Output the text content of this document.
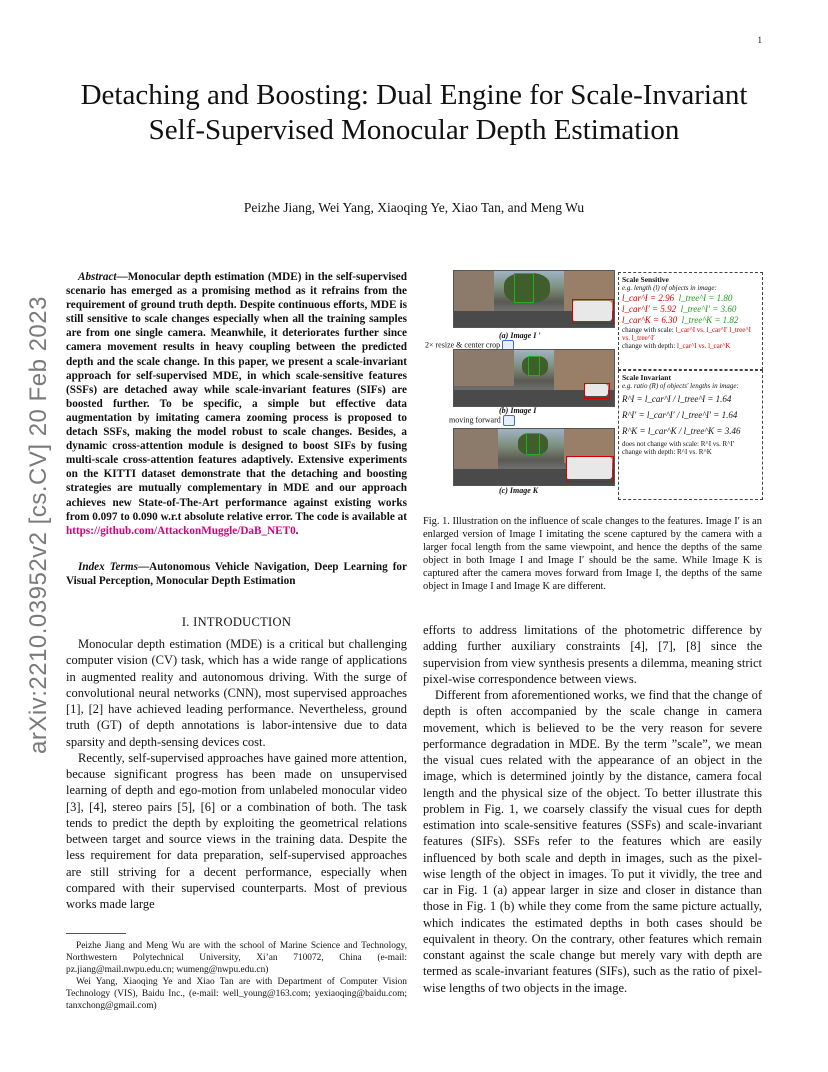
1
Detaching and Boosting: Dual Engine for Scale-Invariant Self-Supervised Monocular Depth Estimation
Peizhe Jiang, Wei Yang, Xiaoqing Ye, Xiao Tan, and Meng Wu
arXiv:2210.03952v2 [cs.CV] 20 Feb 2023
Abstract—Monocular depth estimation (MDE) in the self-supervised scenario has emerged as a promising method as it refrains from the requirement of ground truth depth. Despite continuous efforts, MDE is still sensitive to scale changes especially when all the training samples are from one single camera. Meanwhile, it deteriorates further since camera movement results in heavy coupling between the predicted depth and the scale change. In this paper, we present a scale-invariant approach for self-supervised MDE, in which scale-sensitive features (SSFs) are detached away while scale-invariant features (SIFs) are boosted further. To be specific, a simple but effective data augmentation by imitating camera zooming process is proposed to detach SSFs, making the model robust to scale changes. Besides, a dynamic cross-attention module is designed to boost SIFs by fusing multi-scale cross-attention features adaptively. Extensive experiments on the KITTI dataset demonstrate that the detaching and boosting strategies are mutually complementary in MDE and our approach achieves new State-of-The-Art performance against existing works from 0.097 to 0.090 w.r.t absolute relative error. The code is available at https://github.com/AttackonMuggle/DaB_NET0.
Index Terms—Autonomous Vehicle Navigation, Deep Learning for Visual Perception, Monocular Depth Estimation
I. INTRODUCTION

Monocular depth estimation (MDE) is a critical but challenging computer vision (CV) task, which has a wide range of applications in augmented reality and autonomous driving. With the surge of convolutional neural networks (CNN), most supervised approaches [1], [2] have achieved leading performance. Nevertheless, ground truth (GT) of depth annotations is labor-intensive due to data sparsity and depth-sensing devices cost.

Recently, self-supervised approaches have gained more attention, because significant progress has been made on unsupervised learning of depth and ego-motion from unlabeled monocular video [3], [4], stereo pairs [5], [6] or a combination of both. The task tends to predict the depth by exploiting the geometrical relations between target and source views in the training data. Despite the less requirement for data preparation, self-supervised approaches are still striving for a decent performance, especially when compared with their supervised counterparts. Most of previous works made large

Peizhe Jiang and Meng Wu are with the school of Marine Science and Technology, Northwestern Polytechnical University, Xi’an 710072, China (e-mail: pz.jiang@mail.nwpu.edu.cn; wumeng@nwpu.edu.cn)

Wei Yang, Xiaoqing Ye and Xiao Tan are with Department of Computer Vision Technology (VIS), Baidu Inc., (e-mail: well_young@163.com; yexiaoqing@baidu.com; tanxchong@gmail.com)

(a) Image I ′
2× resize & center crop
(b) Image I
moving forward
(c) Image K
Scale Sensitive
e.g. length (l) of objects in image:
l_car^I = 2.96 l_tree^I = 1.80
l_car^I′ = 5.92 l_tree^I′ = 3.60
l_car^K = 6.30 l_tree^K = 1.82
change with scale: l_car^I vs. l_car^I′ l_tree^I vs. l_tree^I′
change with depth: l_car^I vs. l_car^K
Scale Invariant
e.g. ratio (R) of objects' lengths in image:
R^I = l_car^I / l_tree^I = 1.64
R^I′ = l_car^I′ / l_tree^I′ = 1.64
R^K = l_car^K / l_tree^K = 3.46
does not change with scale: R^I vs. R^I′
change with depth: R^I vs. R^K
Fig. 1. Illustration on the influence of scale changes to the features. Image I′ is an enlarged version of Image I imitating the scene captured by the camera with a larger focal length from the same viewpoint, and hence the depths of the same object in both Image I and Image I′ should be the same. While Image K is captured after the camera moves forward from Image I, the depths of the same object in Image I and Image K are different.

efforts to address limitations of the photometric difference by adding further auxiliary constraints [4], [7], [8] since the supervision from view synthesis presents a dilemma, meaning strict pixel-wise correspondence between views.

Different from aforementioned works, we find that the change of depth is often accompanied by the scale change in camera movement, which is believed to be the very reason for severe performance degradation in MDE. By the term ”scale”, we mean the visual cues related with the appearance of an object in the image, which is determined jointly by the distance, camera focal length and the physical size of the object. To better illustrate this problem in Fig. 1, we coarsely classify the visual cues for depth estimation into scale-sensitive features (SSFs) and scale-invariant features (SIFs). SSFs refer to the features which are easily influenced by both scale and depth in images, such as the pixel-wise length of the object in images. To put it vividly, the tree and car in Fig. 1 (a) appear larger in size and closer in distance than those in Fig. 1 (b) while they come from the same picture actually, which indicates the estimated depths in both cases should be equivalent in theory. On the contrary, other features which remain constant against the scale change but merely vary with depth are termed as scale-invariant features (SIFs), such as the ratio of pixel-wise lengths of two objects in the image.
